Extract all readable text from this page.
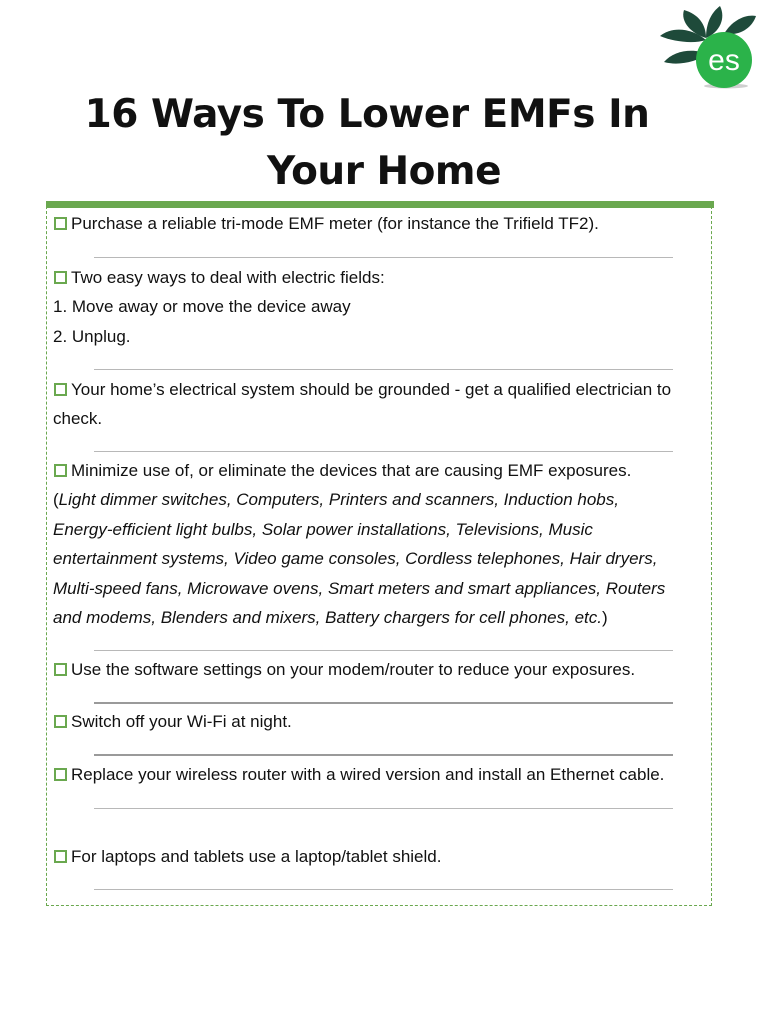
es
16 Ways To Lower EMFs In
Your Home
Purchase a reliable tri-mode EMF meter (for instance the Trifield TF2).
Two easy ways to deal with electric fields:
1. Move away or move the device away
2. Unplug.
Your home’s electrical system should be grounded - get a qualified electrician to
check.
Minimize use of, or eliminate the devices that are causing EMF exposures.
(Light dimmer switches, Computers, Printers and scanners, Induction hobs,
Energy-efficient light bulbs, Solar power installations, Televisions, Music
entertainment systems, Video game consoles, Cordless telephones, Hair dryers,
Multi-speed fans, Microwave ovens, Smart meters and smart appliances, Routers
and modems, Blenders and mixers, Battery chargers for cell phones, etc.)
Use the software settings on your modem/router to reduce your exposures.
Switch off your Wi-Fi at night.
Replace your wireless router with a wired version and install an Ethernet cable.
For laptops and tablets use a laptop/tablet shield.
